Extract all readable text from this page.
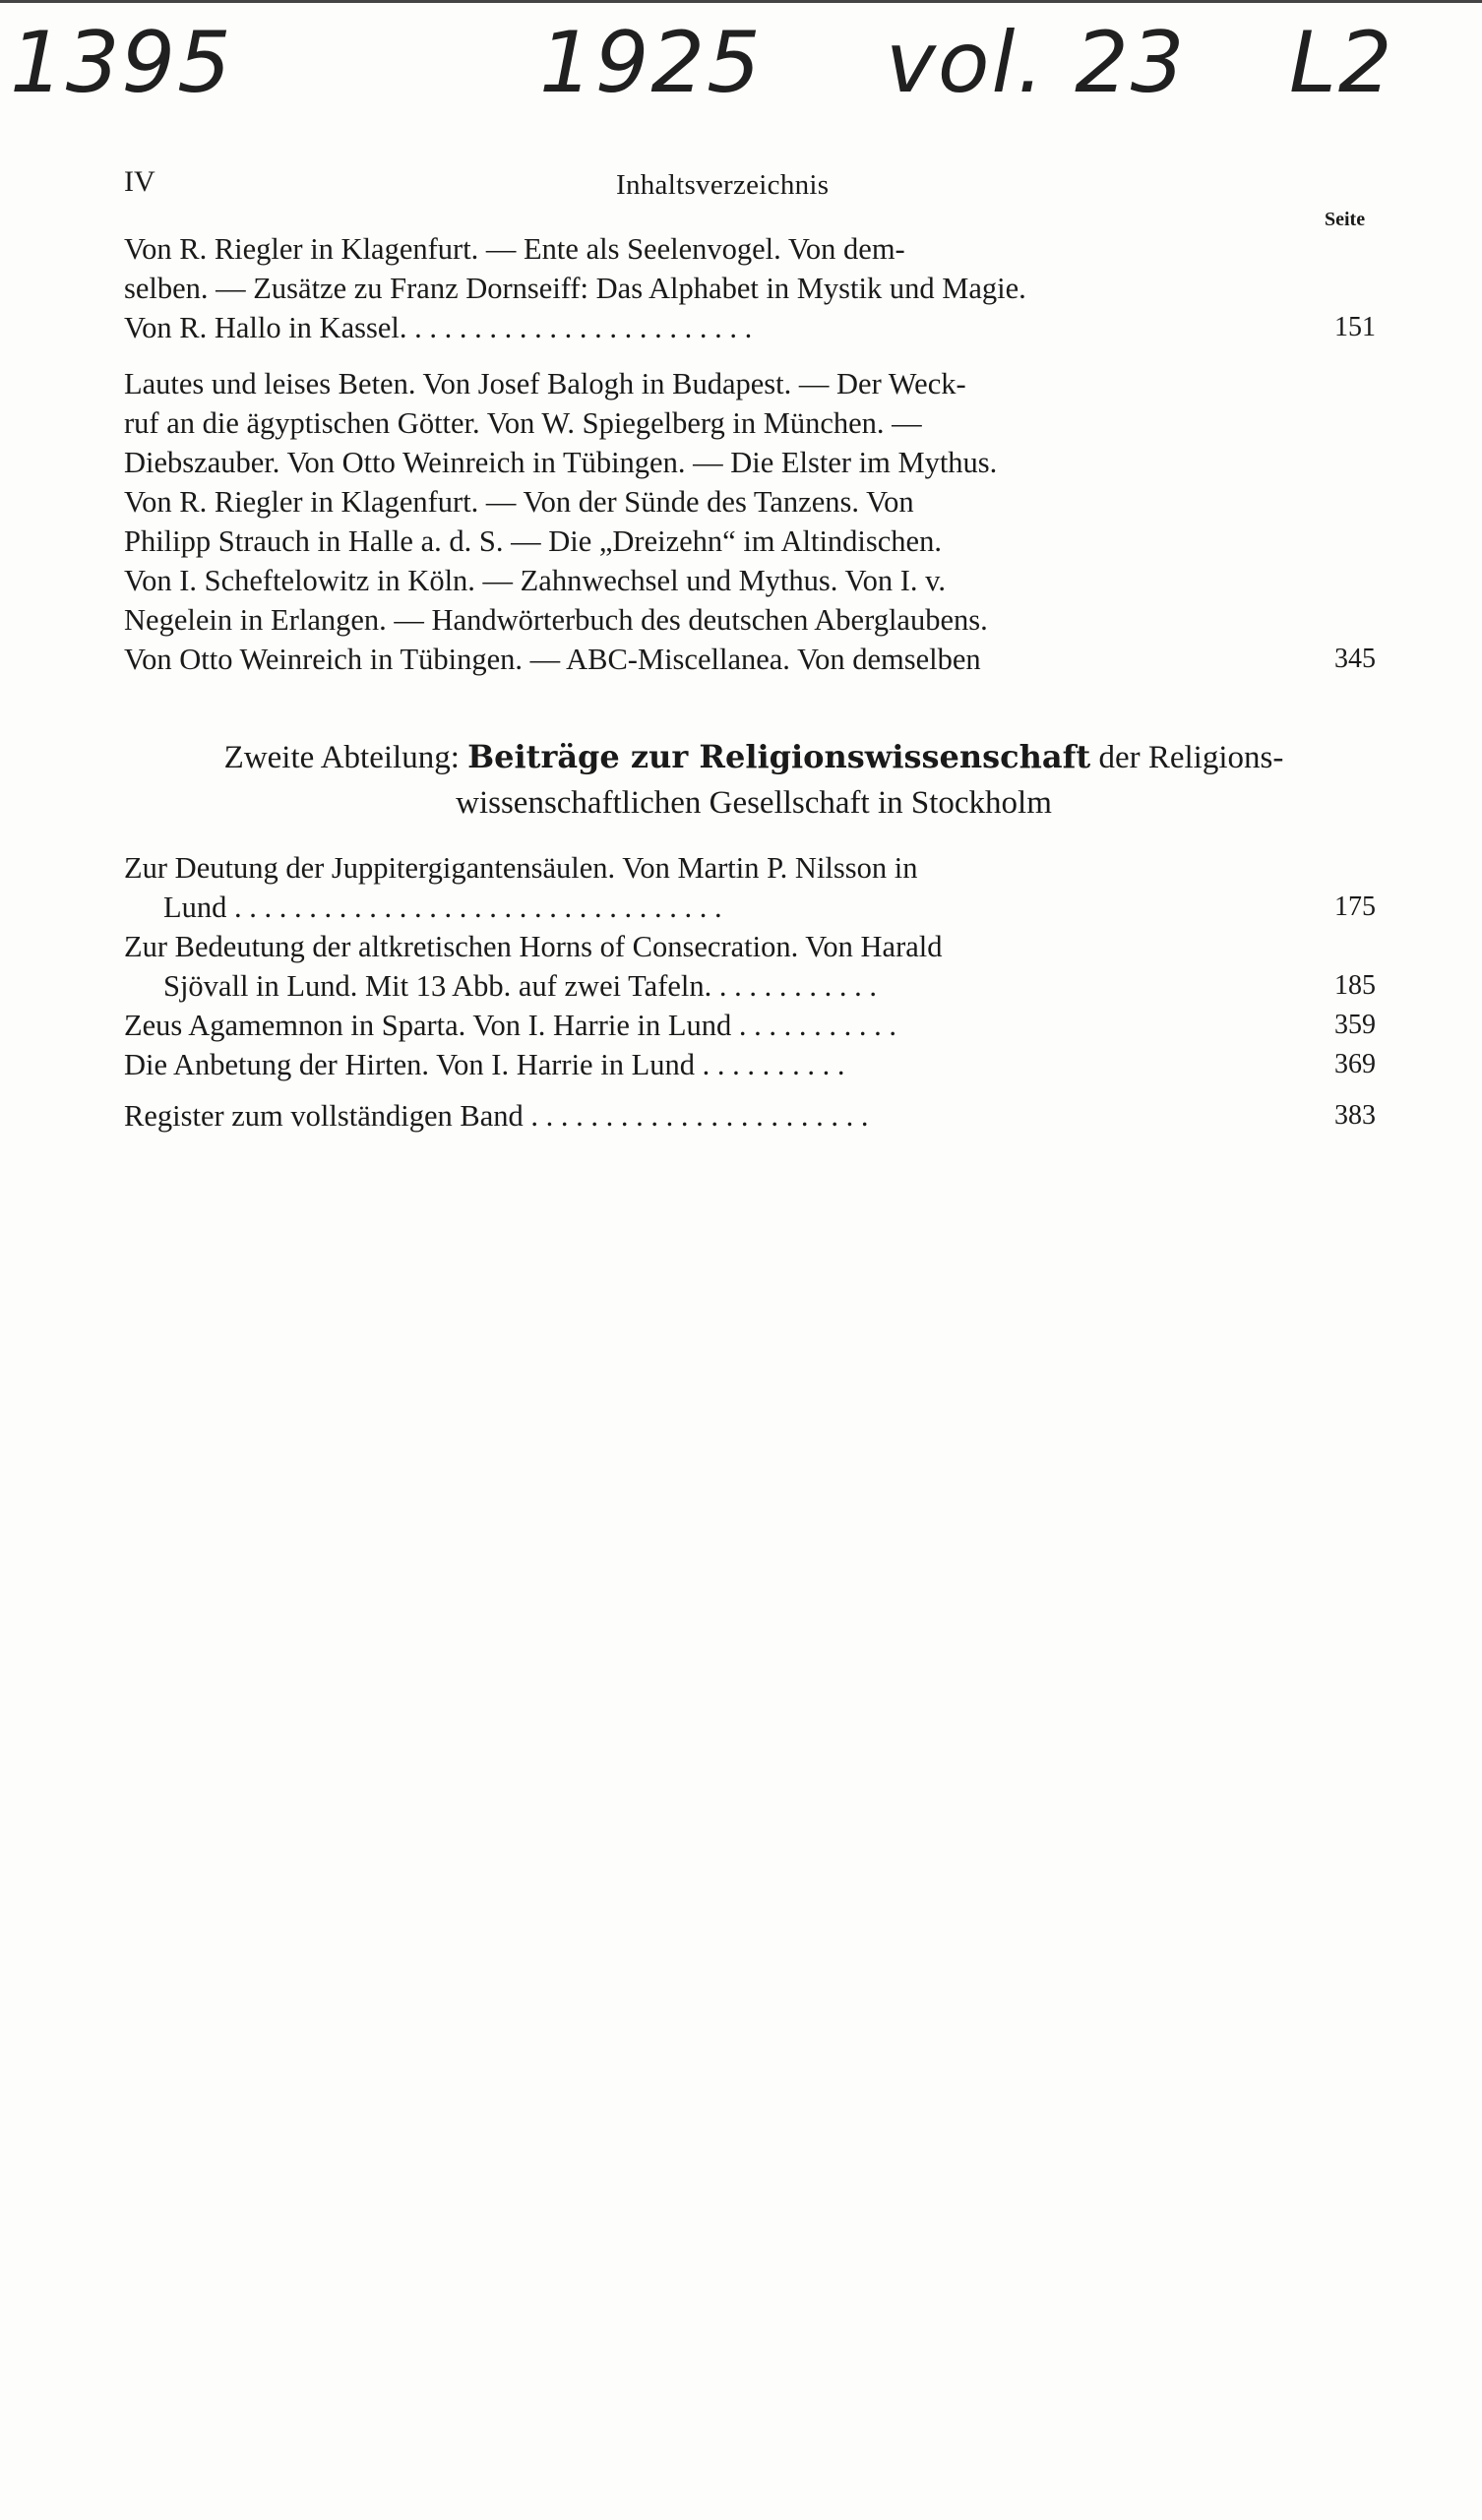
1395	1925 vol. 23 L2
IV	Inhaltsverzeichnis
Seite
Von R. Riegler in Klagenfurt. — Ente als Seelenvogel. Von dem-
selben. — Zusätze zu Franz Dornseiff: Das Alphabet in Mystik und Magie.
Von R. Hallo in Kassel. . . . . . . . . . . . . . . . . . . . . . . .	151
Lautes und leises Beten. Von Josef Balogh in Budapest. — Der Weck-
ruf an die ägyptischen Götter. Von W. Spiegelberg in München. —
Diebszauber. Von Otto Weinreich in Tübingen. — Die Elster im Mythus.
Von R. Riegler in Klagenfurt. — Von der Sünde des Tanzens. Von
Philipp Strauch in Halle a. d. S. — Die „Dreizehn“ im Altindischen.
Von I. Scheftelowitz in Köln. — Zahnwechsel und Mythus. Von I. v.
Negelein in Erlangen. — Handwörterbuch des deutschen Aberglaubens.
Von Otto Weinreich in Tübingen. — ABC-Miscellanea. Von demselben	345
Zweite Abteilung: Beiträge zur Religionswissenschaft der Religions-
wissenschaftlichen Gesellschaft in Stockholm
Zur Deutung der Juppitergigantensäulen. Von Martin P. Nilsson in
Lund . . . . . . . . . . . . . . . . . . . . . . . . . . . . . . . . .	175
Zur Bedeutung der altkretischen Horns of Consecration. Von Harald
Sjövall in Lund. Mit 13 Abb. auf zwei Tafeln. . . . . . . . . . . .	185
Zeus Agamemnon in Sparta. Von I. Harrie in Lund . . . . . . . . . . .	359
Die Anbetung der Hirten. Von I. Harrie in Lund . . . . . . . . . .	369
Register zum vollständigen Band . . . . . . . . . . . . . . . . . . . . . . .	383
